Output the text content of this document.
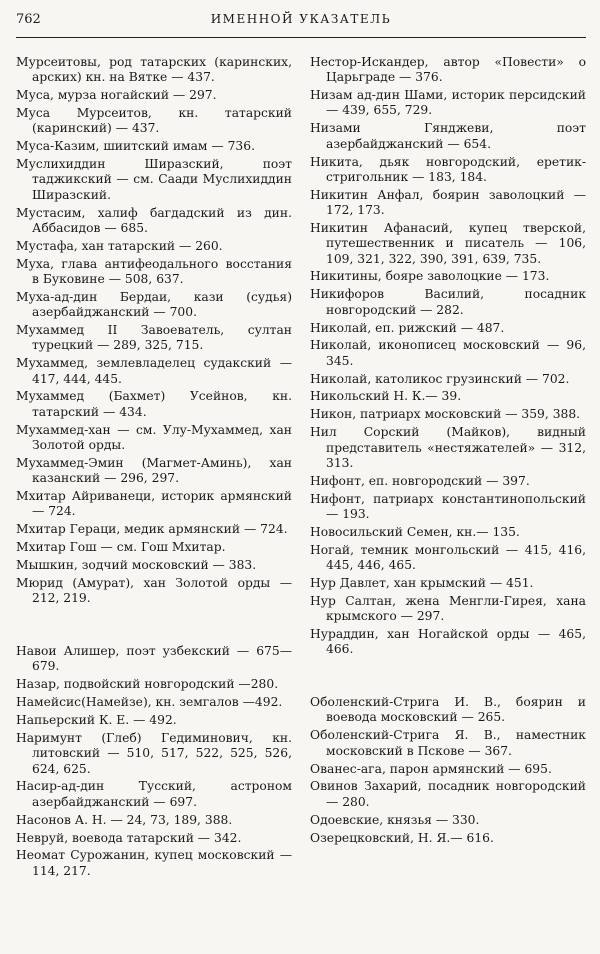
762	ИМЕННОЙ УКАЗАТЕЛЬ
Мурсеитовы, род татарских (каринских, арских) кн. на Вятке — 437.
Муса, мурза ногайский — 297.
Муса Мурсеитов, кн. татарский (каринский) — 437.
Муса-Казим, шиитский имам — 736.
Муслихиддин Ширазский, поэт таджикский — см. Саади Муслихиддин Ширазский.
Мустасим, халиф багдадский из дин. Аббасидов — 685.
Мустафа, хан татарский — 260.
Муха, глава антифеодального восстания в Буковине — 508, 637.
Муха-ад-дин Бердаи, кази (судья) азербайджанский — 700.
Мухаммед II Завоеватель, султан турецкий — 289, 325, 715.
Мухаммед, землевладелец судакский — 417, 444, 445.
Мухаммед (Бахмет) Усейнов, кн. татарский — 434.
Мухаммед-хан — см. Улу-Мухаммед, хан Золотой орды.
Мухаммед-Эмин (Магмет-Аминь), хан казанский — 296, 297.
Мхитар Айриванеци, историк армянский — 724.
Мхитар Гераци, медик армянский — 724.
Мхитар Гош — см. Гош Мхитар.
Мышкин, зодчий московский — 383.
Мюрид (Амурат), хан Золотой орды — 212, 219.
Навои Алишер, поэт узбекский — 675—679.
Назар, подвойский новгородский —280.
Намейсис(Намейзе), кн. земгалов —492.
Напьерский К. Е. — 492.
Наримунт (Глеб) Гедиминович, кн. литовский — 510, 517, 522, 525, 526, 624, 625.
Насир-ад-дин Тусский, астроном азербайджанский — 697.
Насонов А. Н. — 24, 73, 189, 388.
Невруй, воевода татарский — 342.
Неомат Сурожанин, купец московский — 114, 217.
Нестор-Искандер, автор «Повести» о Царьграде — 376.
Низам ад-дин Шами, историк персидский — 439, 655, 729.
Низами Гянджеви, поэт азербайджанский — 654.
Никита, дьяк новгородский, еретик-стригольник — 183, 184.
Никитин Анфал, боярин заволоцкий — 172, 173.
Никитин Афанасий, купец тверской, путешественник и писатель — 106, 109, 321, 322, 390, 391, 639, 735.
Никитины, бояре заволоцкие — 173.
Никифоров Василий, посадник новгородский — 282.
Николай, еп. рижский — 487.
Николай, иконописец московский — 96, 345.
Николай, католикос грузинский — 702.
Никольский Н. К.— 39.
Никон, патриарх московский — 359, 388.
Нил Сорский (Майков), видный представитель «нестяжателей» — 312, 313.
Нифонт, еп. новгородский — 397.
Нифонт, патриарх константинопольский — 193.
Новосильский Семен, кн.— 135.
Ногай, темник монгольский — 415, 416, 445, 446, 465.
Нур Давлет, хан крымский — 451.
Нур Салтан, жена Менгли-Гирея, хана крымского — 297.
Нураддин, хан Ногайской орды — 465, 466.
Оболенский-Стрига И. В., боярин и воевода московский — 265.
Оболенский-Стрига Я. В., наместник московский в Пскове — 367.
Ованес-ага, парон армянский — 695.
Овинов Захарий, посадник новгородский — 280.
Одоевские, князья — 330.
Озерецковский, Н. Я.— 616.
